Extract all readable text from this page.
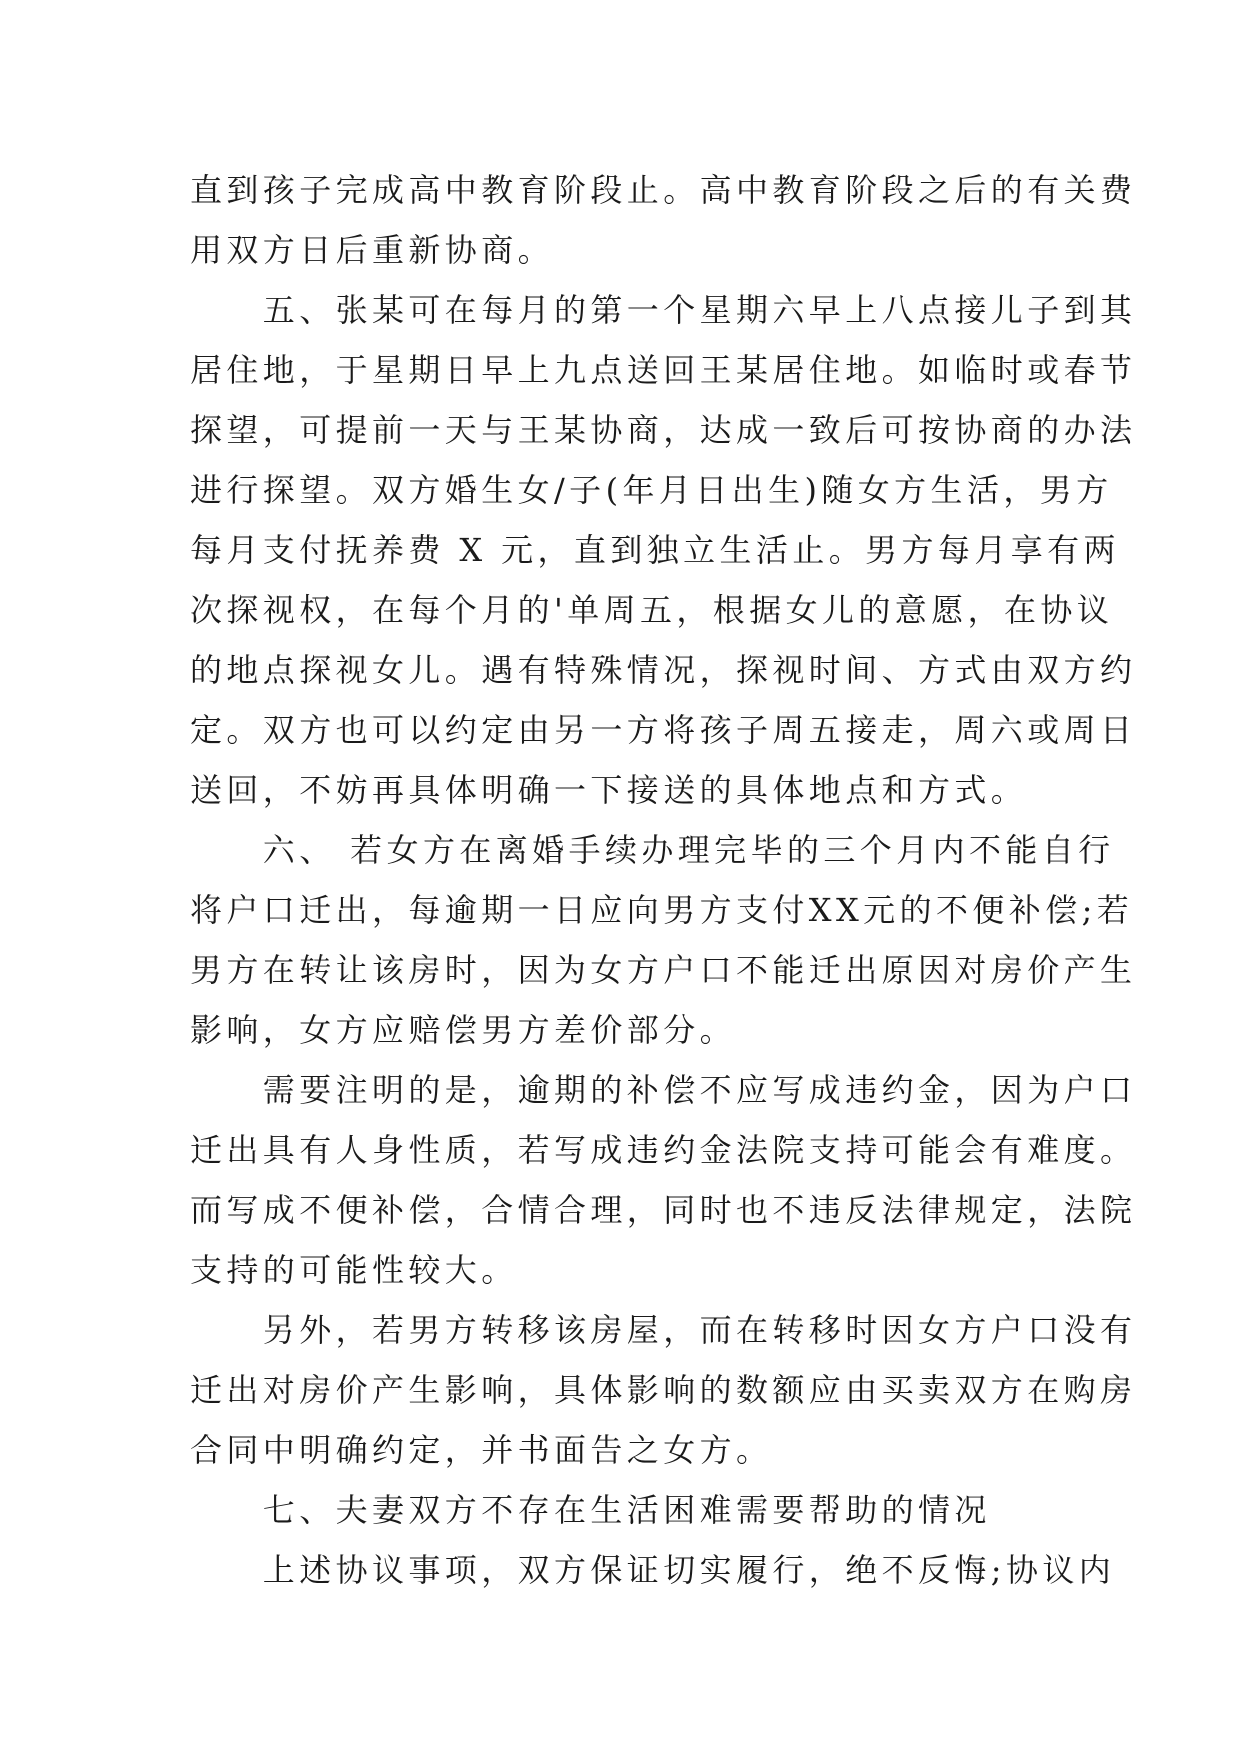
直到孩子完成高中教育阶段止。高中教育阶段之后的有关费
用双方日后重新协商。
　　五、张某可在每月的第一个星期六早上八点接儿子到其
居住地，于星期日早上九点送回王某居住地。如临时或春节
探望，可提前一天与王某协商，达成一致后可按协商的办法
进行探望。双方婚生女/子(年月日出生)随女方生活，男方
每月支付抚养费 X 元，直到独立生活止。男方每月享有两
次探视权，在每个月的'单周五，根据女儿的意愿，在协议
的地点探视女儿。遇有特殊情况，探视时间、方式由双方约
定。双方也可以约定由另一方将孩子周五接走，周六或周日
送回，不妨再具体明确一下接送的具体地点和方式。
　　六、 若女方在离婚手续办理完毕的三个月内不能自行
将户口迁出，每逾期一日应向男方支付XX元的不便补偿;若
男方在转让该房时，因为女方户口不能迁出原因对房价产生
影响，女方应赔偿男方差价部分。
　　需要注明的是，逾期的补偿不应写成违约金，因为户口
迁出具有人身性质，若写成违约金法院支持可能会有难度。
而写成不便补偿，合情合理，同时也不违反法律规定，法院
支持的可能性较大。
　　另外，若男方转移该房屋，而在转移时因女方户口没有
迁出对房价产生影响，具体影响的数额应由买卖双方在购房
合同中明确约定，并书面告之女方。
　　七、夫妻双方不存在生活困难需要帮助的情况
　　上述协议事项，双方保证切实履行，绝不反悔;协议内
